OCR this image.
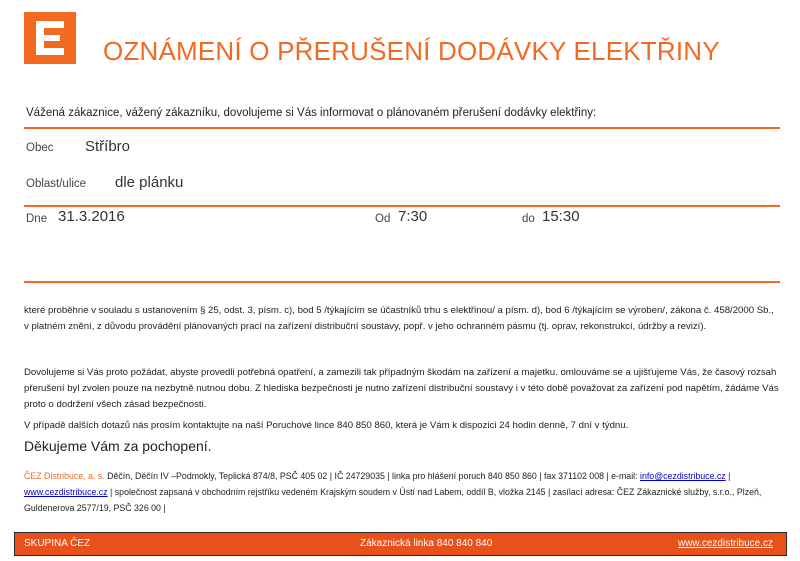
OZNÁMENÍ O PŘERUŠENÍ DODÁVKY ELEKTŘINY
Vážená zákaznice, vážený zákazníku, dovolujeme si Vás informovat o plánovaném přerušení dodávky elektřiny:
Obec Stříbro
Oblast/ulice dle plánku
Dne 31.3.2016	Od 7:30	do 15:30
které proběhne v souladu s ustanovením § 25, odst. 3, písm. c), bod 5 /týkajícím se účastníků trhu s elektřinou/ a písm. d), bod 6 /týkajícím se výroben/, zákona č. 458/2000 Sb., v platném znění, z důvodu provádění plánovaných prací na zařízení distribuční soustavy, popř. v jeho ochranném pásmu (tj. oprav, rekonstrukcí, údržby a revizí).
Dovolujeme si Vás proto požádat, abyste provedli potřebná opatření, a zamezili tak případným škodám na zařízení a majetku. omlouváme se a ujišťujeme Vás, že časový rozsah přerušení byl zvolen pouze na nezbytně nutnou dobu. Z hlediska bezpečnosti je nutno zařízení distribuční soustavy i v této době považovat za zařízení pod napětím, žádáme Vás proto o dodržení všech zásad bezpečnosti.
V případě dalších dotazů nás prosím kontaktujte na naší Poruchové lince 840 850 860, která je Vám k dispozici 24 hodin denně, 7 dní v týdnu.
Děkujeme Vám za pochopení.
ČEZ Distribuce, a. s. Děčín, Děčín IV –Podmokly, Teplická 874/8, PSČ 405 02 | IČ 24729035 | linka pro hlášení poruch 840 850 860 | fax 371102 008 | e-mail: info@cezdistribuce.cz |
www.cezdistribuce.cz | společnost zapsaná v obchodním rejstříku vedeném Krajským soudem v Ústí nad Labem, oddíl B, vložka 2145 | zasílací adresa: ČEZ Zákaznické služby, s.r.o., Plzeň, Guldenerova 2577/19, PSČ 326 00 |
SKUPINA ČEZ	Zákaznická linka 840 840 840	www.cezdistribuce.cz
